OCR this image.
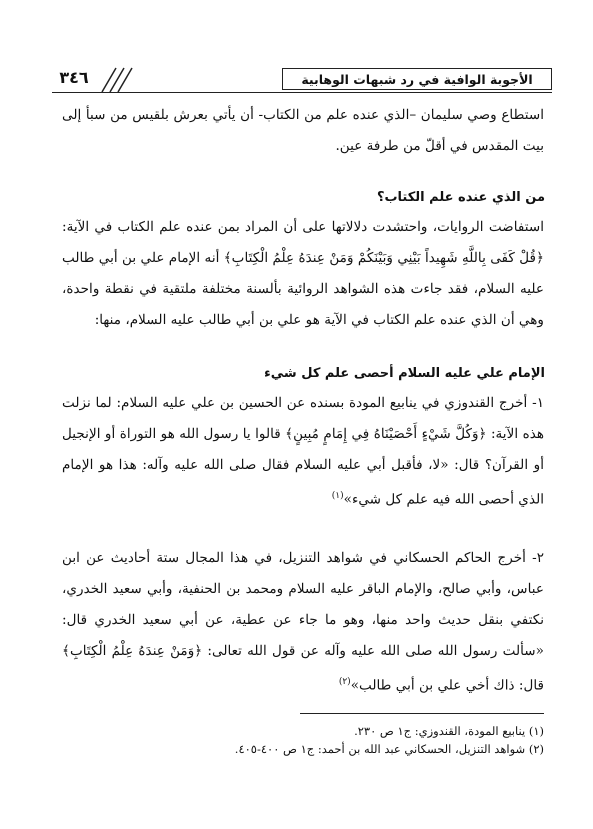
الأجوبة الوافية في رد شبهات الوهابية
٣٤٦

استطاع وصي سليمان –الذي عنده علم من الكتاب- أن يأتي بعرش بلقيس من سبأ إلى بيت المقدس في أقلّ من طرفة عين.

من الذي عنده علم الكتاب؟

استفاضت الروايات، واحتشدت دلالاتها على أن المراد بمن عنده علم الكتاب في الآية: ﴿قُلْ كَفَى بِاللَّهِ شَهِيداً بَيْنِي وَبَيْنَكُمْ وَمَنْ عِندَهُ عِلْمُ الْكِتَابِ﴾ أنه الإمام علي بن أبي طالب عليه السلام، فقد جاءت هذه الشواهد الروائية بألسنة مختلفة ملتقية في نقطة واحدة، وهي أن الذي عنده علم الكتاب في الآية هو علي بن أبي طالب عليه السلام، منها:

الإمام علي عليه السلام أحصى علم كل شيء

١- أخرج القندوزي في ينابيع المودة بسنده عن الحسين بن علي عليه السلام: لما نزلت هذه الآية: ﴿وَكُلَّ شَيْءٍ أَحْصَيْنَاهُ فِي إِمَامٍ مُبِينٍ﴾ قالوا يا رسول الله هو التوراة أو الإنجيل أو القرآن؟ قال: «لا، فأقبل أبي عليه السلام فقال صلى الله عليه وآله: هذا هو الإمام الذي أحصى الله فيه علم كل شيء»$^{(١)}$

٢- أخرج الحاكم الحسكاني في شواهد التنزيل، في هذا المجال ستة أحاديث عن ابن عباس، وأبي صالح، والإمام الباقر عليه السلام ومحمد بن الحنفية، وأبي سعيد الخدري، نكتفي بنقل حديث واحد منها، وهو ما جاء عن عطية، عن أبي سعيد الخدري قال: «سألت رسول الله صلى الله عليه وآله عن قول الله تعالى: ﴿وَمَنْ عِندَهُ عِلْمُ الْكِتَابِ﴾ قال: ذاك أخي علي بن أبي طالب»$^{(٢)}$

(١) ينابيع المودة، القندوزي: ج١ ص ٢٣٠.

(٢) شواهد التنزيل، الحسكاني عبد الله بن أحمد: ج١ ص ٤٠٠-٤٠٥.
